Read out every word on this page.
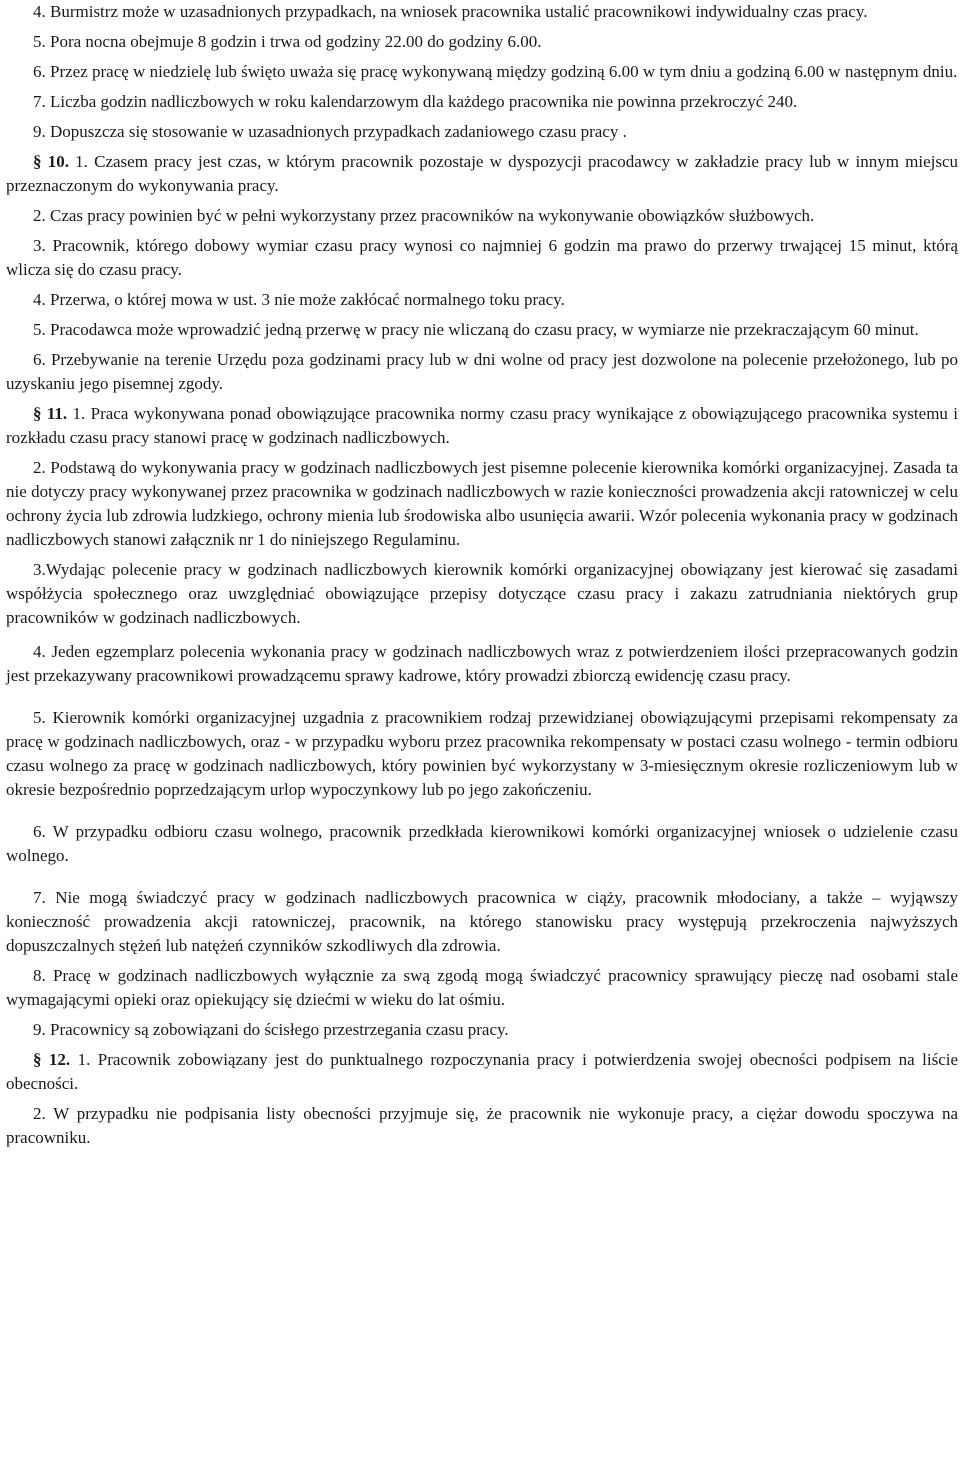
4. Burmistrz może w uzasadnionych przypadkach, na wniosek pracownika ustalić pracownikowi indywidualny czas pracy.

5. Pora nocna obejmuje 8 godzin i trwa od godziny 22.00 do godziny 6.00.

6. Przez pracę w niedzielę lub święto uważa się pracę wykonywaną między godziną 6.00 w tym dniu a godziną 6.00 w następnym dniu.

7. Liczba godzin nadliczbowych w roku kalendarzowym dla każdego pracownika nie powinna przekroczyć 240.

9. Dopuszcza się stosowanie w uzasadnionych przypadkach zadaniowego czasu pracy .

§ 10. 1. Czasem pracy jest czas, w którym pracownik pozostaje w dyspozycji pracodawcy w zakładzie pracy lub w innym miejscu przeznaczonym do wykonywania pracy.

2. Czas pracy powinien być w pełni wykorzystany przez pracowników na wykonywanie obowiązków służbowych.

3. Pracownik, którego dobowy wymiar czasu pracy wynosi co najmniej 6 godzin ma prawo do przerwy trwającej 15 minut, którą wlicza się do czasu pracy.

4. Przerwa, o której mowa w ust. 3 nie może zakłócać normalnego toku pracy.

5. Pracodawca może wprowadzić jedną przerwę w pracy nie wliczaną do czasu pracy, w wymiarze nie przekraczającym 60 minut.

6. Przebywanie na terenie Urzędu poza godzinami pracy lub w dni wolne od pracy jest dozwolone na polecenie przełożonego, lub po uzyskaniu jego pisemnej zgody.

§ 11. 1. Praca wykonywana ponad obowiązujące pracownika normy czasu pracy wynikające z obowiązującego pracownika systemu i rozkładu czasu pracy stanowi pracę w godzinach nadliczbowych.

2. Podstawą do wykonywania pracy w godzinach nadliczbowych jest pisemne polecenie kierownika komórki organizacyjnej. Zasada ta nie dotyczy pracy wykonywanej przez pracownika w godzinach nadliczbowych w razie konieczności prowadzenia akcji ratowniczej w celu ochrony życia lub zdrowia ludzkiego, ochrony mienia lub środowiska albo usunięcia awarii. Wzór polecenia wykonania pracy w godzinach nadliczbowych stanowi załącznik nr 1 do niniejszego Regulaminu.

3.Wydając polecenie pracy w godzinach nadliczbowych kierownik komórki organizacyjnej obowiązany jest kierować się zasadami współżycia społecznego oraz uwzględniać obowiązujące przepisy dotyczące czasu pracy i zakazu zatrudniania niektórych grup pracowników w godzinach nadliczbowych.

4. Jeden egzemplarz polecenia wykonania pracy w godzinach nadliczbowych wraz z potwierdzeniem ilości przepracowanych godzin jest przekazywany pracownikowi prowadzącemu sprawy kadrowe, który prowadzi zbiorczą ewidencję czasu pracy.

5. Kierownik komórki organizacyjnej uzgadnia z pracownikiem rodzaj przewidzianej obowiązującymi przepisami rekompensaty za pracę w godzinach nadliczbowych, oraz - w przypadku wyboru przez pracownika rekompensaty w postaci czasu wolnego - termin odbioru czasu wolnego za pracę w godzinach nadliczbowych, który powinien być wykorzystany w 3-miesięcznym okresie rozliczeniowym lub w okresie bezpośrednio poprzedzającym urlop wypoczynkowy lub po jego zakończeniu.

6. W przypadku odbioru czasu wolnego, pracownik przedkłada kierownikowi komórki organizacyjnej wniosek o udzielenie czasu wolnego.

7. Nie mogą świadczyć pracy w godzinach nadliczbowych pracownica w ciąży, pracownik młodociany, a także – wyjąwszy konieczność prowadzenia akcji ratowniczej, pracownik, na którego stanowisku pracy występują przekroczenia najwyższych dopuszczalnych stężeń lub natężeń czynników szkodliwych dla zdrowia.

8. Pracę w godzinach nadliczbowych wyłącznie za swą zgodą mogą świadczyć pracownicy sprawujący pieczę nad osobami stale wymagającymi opieki oraz opiekujący się dziećmi w wieku do lat ośmiu.

9. Pracownicy są zobowiązani do ścisłego przestrzegania czasu pracy.

§ 12. 1. Pracownik zobowiązany jest do punktualnego rozpoczynania pracy i potwierdzenia swojej obecności podpisem na liście obecności.

2. W przypadku nie podpisania listy obecności przyjmuje się, że pracownik nie wykonuje pracy, a ciężar dowodu spoczywa na pracowniku.
